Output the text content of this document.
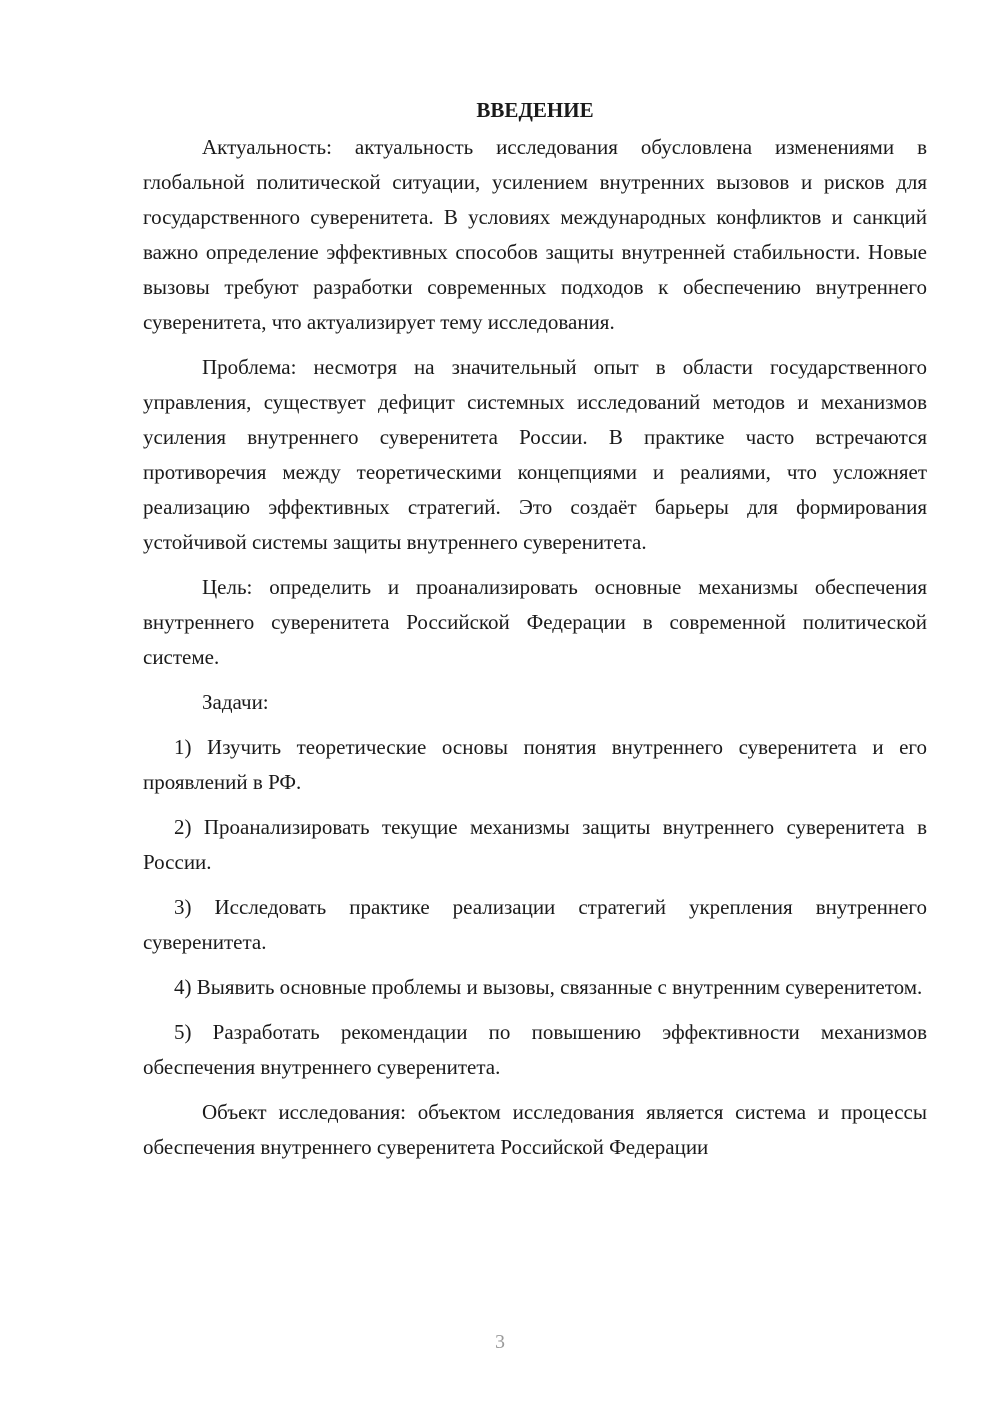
ВВЕДЕНИЕ

Актуальность: актуальность исследования обусловлена изменениями в глобальной политической ситуации, усилением внутренних вызовов и рисков для государственного суверенитета. В условиях международных конфликтов и санкций важно определение эффективных способов защиты внутренней стабильности. Новые вызовы требуют разработки современных подходов к обеспечению внутреннего суверенитета, что актуализирует тему исследования.

Проблема: несмотря на значительный опыт в области государственного управления, существует дефицит системных исследований методов и механизмов усиления внутреннего суверенитета России. В практике часто встречаются противоречия между теоретическими концепциями и реалиями, что усложняет реализацию эффективных стратегий. Это создаёт барьеры для формирования устойчивой системы защиты внутреннего суверенитета.

Цель: определить и проанализировать основные механизмы обеспечения внутреннего суверенитета Российской Федерации в современной политической системе.

Задачи:

1) Изучить теоретические основы понятия внутреннего суверенитета и его проявлений в РФ.

2) Проанализировать текущие механизмы защиты внутреннего суверенитета в России.

3) Исследовать практике реализации стратегий укрепления внутреннего суверенитета.

4) Выявить основные проблемы и вызовы, связанные с внутренним суверенитетом.

5) Разработать рекомендации по повышению эффективности механизмов обеспечения внутреннего суверенитета.

Объект исследования: объектом исследования является система и процессы обеспечения внутреннего суверенитета Российской Федерации

3
